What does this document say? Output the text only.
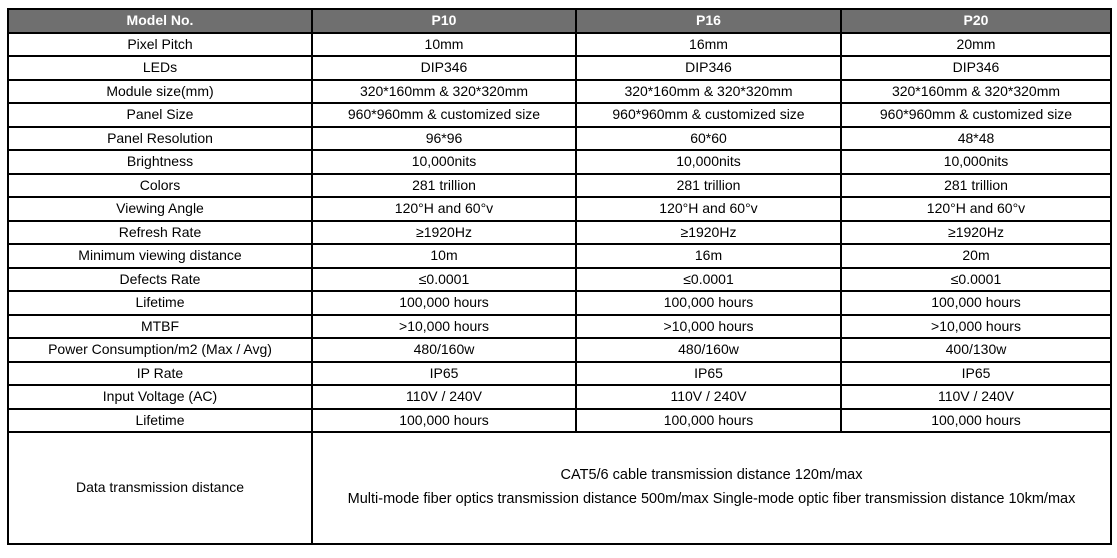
Model No.	P10	P16	P20
Pixel Pitch	10mm	16mm	20mm
LEDs	DIP346	DIP346	DIP346
Module size(mm)	320*160mm & 320*320mm	320*160mm & 320*320mm	320*160mm & 320*320mm
Panel Size	960*960mm & customized size	960*960mm & customized size	960*960mm & customized size
Panel Resolution	96*96	60*60	48*48
Brightness	10,000nits	10,000nits	10,000nits
Colors	281 trillion	281 trillion	281 trillion
Viewing Angle	120°H and 60°v	120°H and 60°v	120°H and 60°v
Refresh Rate	≥1920Hz	≥1920Hz	≥1920Hz
Minimum viewing distance	10m	16m	20m
Defects Rate	≤0.0001	≤0.0001	≤0.0001
Lifetime	100,000 hours	100,000 hours	100,000 hours
MTBF	>10,000 hours	>10,000 hours	>10,000 hours
Power Consumption/m2 (Max / Avg)	480/160w	480/160w	400/130w
IP Rate	IP65	IP65	IP65
Input Voltage (AC)	110V / 240V	110V / 240V	110V / 240V
Lifetime	100,000 hours	100,000 hours	100,000 hours
Data transmission distance	CAT5/6 cable transmission distance 120m/max
Multi-mode fiber optics transmission distance 500m/max Single-mode optic fiber transmission distance 10km/max		
